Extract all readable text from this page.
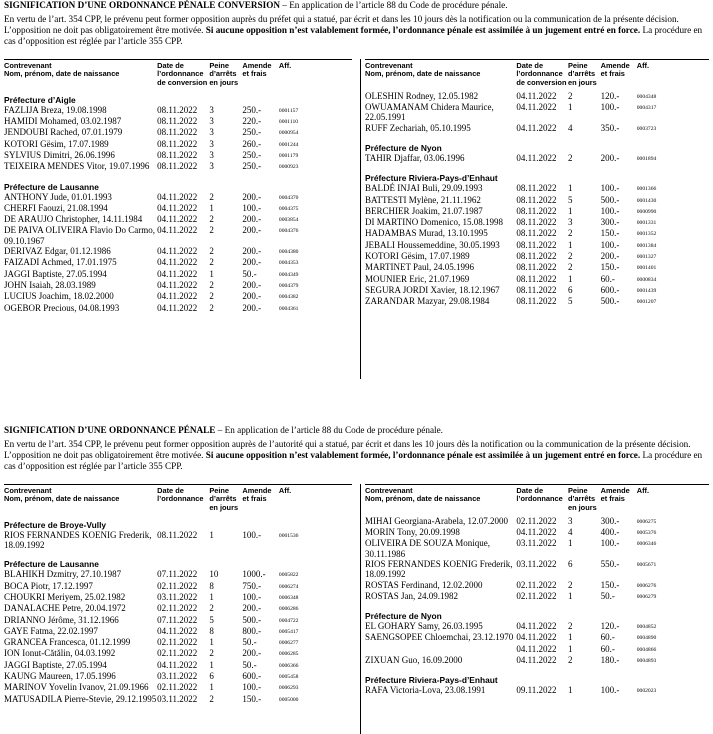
SIGNIFICATION D’UNE ORDONNANCE PÉNALE CONVERSION – En application de l’article 88 du Code de procédure pénale.

En vertu de l’art. 354 CPP, le prévenu peut former opposition auprès du préfet qui a statué, par écrit et dans les 10 jours dès la notification ou la communication de la présente décision. L’opposition ne doit pas obligatoirement être motivée. Si aucune opposition n’est valablement formée, l’ordonnance pénale est assimilée à un jugement entré en force. La procédure en cas d’opposition est réglée par l’article 355 CPP.

Contrevenant
Nom, prénom, date de naissance	Date de
l’ordonnance
de conversion	Peine
d’arrêts
en jours	Amende
et frais	Aff.
Préfecture d’Aigle				
FAZLIJA Breza, 19.08.1998	08.11.2022	3	250.-	0001157
HAMIDI Mohamed, 03.02.1987	08.11.2022	3	220.-	0001110
JENDOUBI Rached, 07.01.1979	08.11.2022	3	250.-	0000954
KOTORI Gësim, 17.07.1989	08.11.2022	3	260.-	0001244
SYLVIUS Dimitri, 26.06.1996	08.11.2022	3	250.-	0001179
TEIXEIRA MENDES Vitor, 19.07.1996	08.11.2022	3	250.-	0000923
Préfecture de Lausanne				
ANTHONY Jude, 01.01.1993	04.11.2022	2	200.-	0004370
CHERFI Faouzi, 21.08.1994	04.11.2022	1	100.-	0004375
DE ARAUJO Christopher, 14.11.1984	04.11.2022	2	200.-	0003854
DE PAIVA OLIVEIRA Flavio Do Carmo, 09.10.1967	04.11.2022	2	200.-	0004376
DERIVAZ Edgar, 01.12.1986	04.11.2022	2	200.-	0004380
FAIZADI Achmed, 17.01.1975	04.11.2022	2	200.-	0004353
JAGGI Baptiste, 27.05.1994	04.11.2022	1	50.-	0004349
JOHN Isaiah, 28.03.1989	04.11.2022	2	200.-	0004379
LUCIUS Joachim, 18.02.2000	04.11.2022	2	200.-	0004382
OGEBOR Precious, 04.08.1993	04.11.2022	2	200.-	0004361
Contrevenant
Nom, prénom, date de naissance	Date de
l’ordonnance
de conversion	Peine
d’arrêts
en jours	Amende
et frais	Aff.
OLESHIN Rodney, 12.05.1982	04.11.2022	2	120.-	0004348
OWUAMANAM Chidera Maurice, 22.05.1991	04.11.2022	1	100.-	0004317
RUFF Zechariah, 05.10.1995	04.11.2022	4	350.-	0003723
Préfecture de Nyon				
TAHIR Djaffar, 03.06.1996	04.11.2022	2	200.-	0001894
Préfecture Riviera-Pays-d’Enhaut				
BALDÉ INJAI Buli, 29.09.1993	08.11.2022	1	100.-	0001366
BATTESTI Mylène, 21.11.1962	08.11.2022	5	500.-	0001430
BERCHIER Joakim, 21.07.1987	08.11.2022	1	100.-	0000990
DI MARTINO Domenico, 15.08.1998	08.11.2022	3	300.-	0001331
HADAMBAS Murad, 13.10.1995	08.11.2022	2	150.-	0001352
JEBALI Houssemeddine, 30.05.1993	08.11.2022	1	100.-	0001384
KOTORI Gësim, 17.07.1989	08.11.2022	2	200.-	0001327
MARTINET Paul, 24.05.1996	08.11.2022	2	150.-	0001401
MOUNIER Eric, 21.07.1969	08.11.2022	1	60.-	0000834
SEGURA JORDI Xavier, 18.12.1967	08.11.2022	6	600.-	0001439
ZARANDAR Mazyar, 29.08.1984	08.11.2022	5	500.-	0001207

SIGNIFICATION D’UNE ORDONNANCE PÉNALE – En application de l’article 88 du Code de procédure pénale.

En vertu de l’art. 354 CPP, le prévenu peut former opposition auprès de l’autorité qui a statué, par écrit et dans les 10 jours dès la notification ou la communication de la présente décision. L’opposition ne doit pas obligatoirement être motivée. Si aucune opposition n’est valablement formée, l’ordonnance pénale est assimilée à un jugement entré en force. La procédure en cas d’opposition est réglée par l’article 355 CPP.

Contrevenant
Nom, prénom, date de naissance	Date de
l’ordonnance	Peine
d’arrêts
en jours	Amende
et frais	Aff.
Préfecture de Broye-Vully				
RIOS FERNANDES KOENIG Frederik, 18.09.1992	08.11.2022	1	100.-	0001536
Préfecture de Lausanne				
BLAHIKH Dzmitry, 27.10.1987	07.11.2022	10	1000.-	0005822
BOCA Piotr, 17.12.1997	02.11.2022	8	750.-	0006274
CHOUKRI Meriyem, 25.02.1982	03.11.2022	1	100.-	0006348
DANALACHE Petre, 20.04.1972	02.11.2022	2	200.-	0006286
DRIANNO Jérôme, 31.12.1966	07.11.2022	5	500.-	0004722
GAYE Fatma, 22.02.1997	04.11.2022	8	800.-	0005417
GRANCEA Francesca, 01.12.1999	02.11.2022	1	50.-	0006277
ION Ionut-Cătălin, 04.03.1992	02.11.2022	2	200.-	0006285
JAGGI Baptiste, 27.05.1994	04.11.2022	1	50.-	0006366
KAUNG Maureen, 17.05.1996	03.11.2022	6	600.-	0005458
MARINOV Yovelin Ivanov, 21.09.1966	02.11.2022	1	100.-	0006293
MATUSADILA Pierre-Stevie, 29.12.1995	03.11.2022	2	150.-	0005000
Contrevenant
Nom, prénom, date de naissance	Date de
l’ordonnance	Peine
d’arrêts
en jours	Amende
et frais	Aff.
MIHAI Georgiana-Arabela, 12.07.2000	02.11.2022	3	300.-	0006275
MORIN Tony, 20.09.1998	04.11.2022	4	400.-	0005376
OLIVEIRA DE SOUZA Monique, 30.11.1986	03.11.2022	1	100.-	0006346
RIOS FERNANDES KOENIG Frederik, 18.09.1992	03.11.2022	6	550.-	0005671
ROSTAS Ferdinand, 12.02.2000	02.11.2022	2	150.-	0006276
ROSTAS Jan, 24.09.1982	02.11.2022	1	50.-	0006279
Préfecture de Nyon				
EL GOHARY Samy, 26.03.1995	04.11.2022	2	120.-	0004852
SAENGSOPEE Chloemchai, 23.12.1970	04.11.2022	1	60.-	0004890
	04.11.2022	1	60.-	0004866
ZIXUAN Guo, 16.09.2000	04.11.2022	2	180.-	0004893
Préfecture Riviera-Pays-d’Enhaut				
RAFA Victoria-Lova, 23.08.1991	09.11.2022	1	100.-	0002023
